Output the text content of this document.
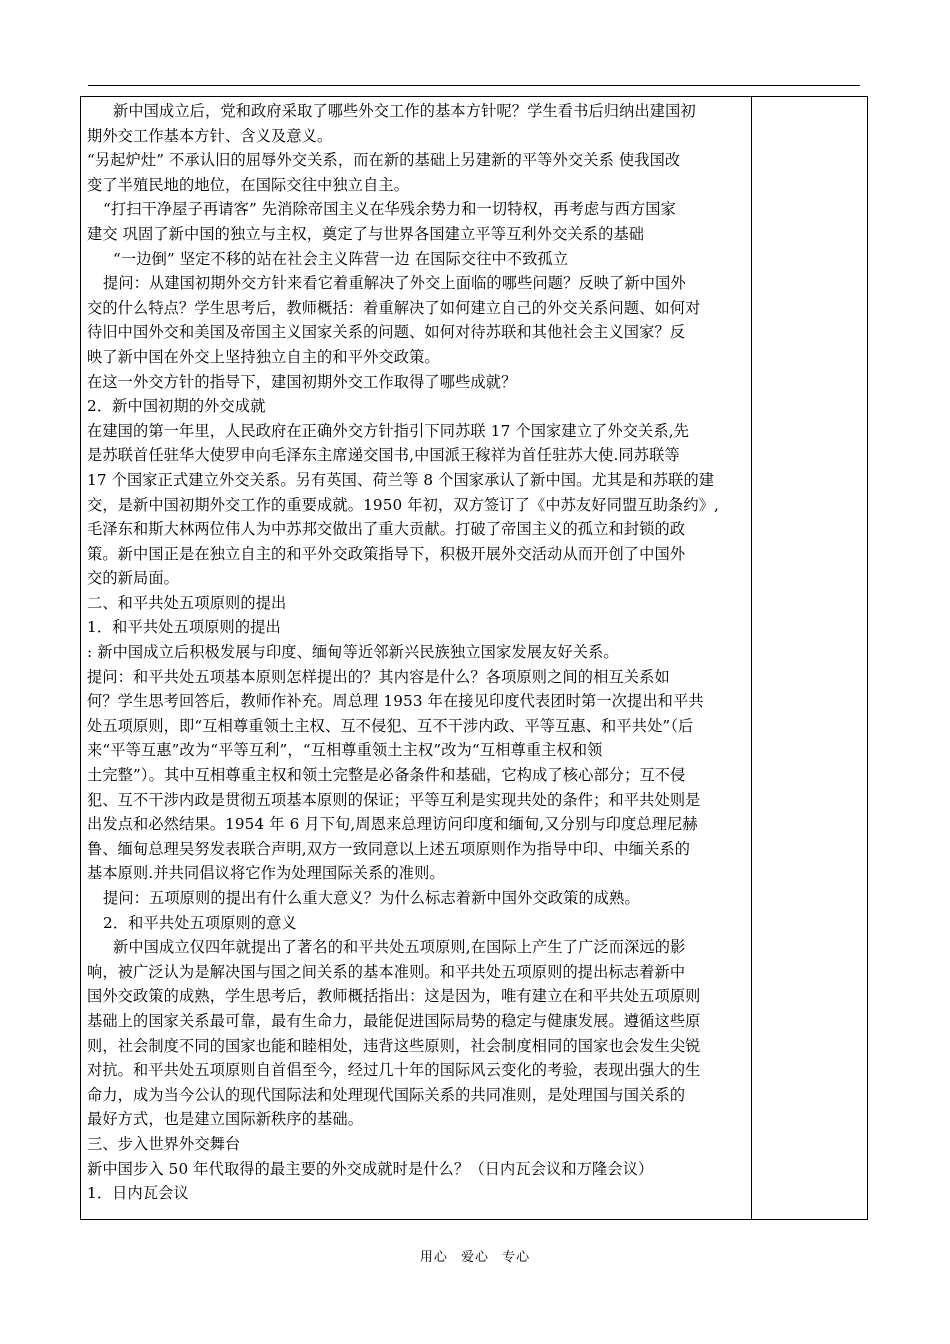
新中国成立后，党和政府采取了哪些外交工作的基本方针呢？学生看书后归纳出建国初
期外交工作基本方针、含义及意义。
“另起炉灶” 不承认旧的屈辱外交关系，而在新的基础上另建新的平等外交关系 使我国改
变了半殖民地的地位，在国际交往中独立自主。
“打扫干净屋子再请客” 先消除帝国主义在华残余势力和一切特权，再考虑与西方国家
建交 巩固了新中国的独立与主权，奠定了与世界各国建立平等互利外交关系的基础
“一边倒” 坚定不移的站在社会主义阵营一边 在国际交往中不致孤立
提问：从建国初期外交方针来看它着重解决了外交上面临的哪些问题？反映了新中国外
交的什么特点？学生思考后，教师概括：着重解决了如何建立自己的外交关系问题、如何对
待旧中国外交和美国及帝国主义国家关系的问题、如何对待苏联和其他社会主义国家？反
映了新中国在外交上坚持独立自主的和平外交政策。
在这一外交方针的指导下，建国初期外交工作取得了哪些成就？
2．新中国初期的外交成就
在建国的第一年里，人民政府在正确外交方针指引下同苏联 17 个国家建立了外交关系,先
是苏联首任驻华大使罗申向毛泽东主席递交国书,中国派王稼祥为首任驻苏大使.同苏联等
17 个国家正式建立外交关系。另有英国、荷兰等 8 个国家承认了新中国。尤其是和苏联的建
交，是新中国初期外交工作的重要成就。1950 年初，双方签订了《中苏友好同盟互助条约》,
毛泽东和斯大林两位伟人为中苏邦交做出了重大贡献。打破了帝国主义的孤立和封锁的政
策。新中国正是在独立自主的和平外交政策指导下，积极开展外交活动从而开创了中国外
交的新局面。
二、和平共处五项原则的提出
1．和平共处五项原则的提出
: 新中国成立后积极发展与印度、缅甸等近邻新兴民族独立国家发展友好关系。
提问：和平共处五项基本原则怎样提出的？其内容是什么？各项原则之间的相互关系如
何？学生思考回答后，教师作补充。周总理 1953 年在接见印度代表团时第一次提出和平共
处五项原则，即“互相尊重领土主权、互不侵犯、互不干涉内政、平等互惠、和平共处”（后
来“平等互惠”改为“平等互利”，“互相尊重领土主权”改为“互相尊重主权和领
土完整”）。其中互相尊重主权和领土完整是必备条件和基础，它构成了核心部分；互不侵
犯、互不干涉内政是贯彻五项基本原则的保证；平等互利是实现共处的条件；和平共处则是
出发点和必然结果。1954 年 6 月下旬,周恩来总理访问印度和缅甸,又分别与印度总理尼赫
鲁、缅甸总理吴努发表联合声明,双方一致同意以上述五项原则作为指导中印、中缅关系的
基本原则.并共同倡议将它作为处理国际关系的准则。
提问：五项原则的提出有什么重大意义？为什么标志着新中国外交政策的成熟。
2．和平共处五项原则的意义
新中国成立仅四年就提出了著名的和平共处五项原则,在国际上产生了广泛而深远的影
响，被广泛认为是解决国与国之间关系的基本准则。和平共处五项原则的提出标志着新中
国外交政策的成熟，学生思考后，教师概括指出：这是因为，唯有建立在和平共处五项原则
基础上的国家关系最可靠，最有生命力，最能促进国际局势的稳定与健康发展。遵循这些原
则，社会制度不同的国家也能和睦相处，违背这些原则，社会制度相同的国家也会发生尖锐
对抗。和平共处五项原则自首倡至今，经过几十年的国际风云变化的考验，表现出强大的生
命力，成为当今公认的现代国际法和处理现代国际关系的共同准则，是处理国与国关系的
最好方式，也是建立国际新秩序的基础。
三、步入世界外交舞台
新中国步入 50 年代取得的最主要的外交成就时是什么？（日内瓦会议和万隆会议）
1．日内瓦会议
用心 爱心 专心
